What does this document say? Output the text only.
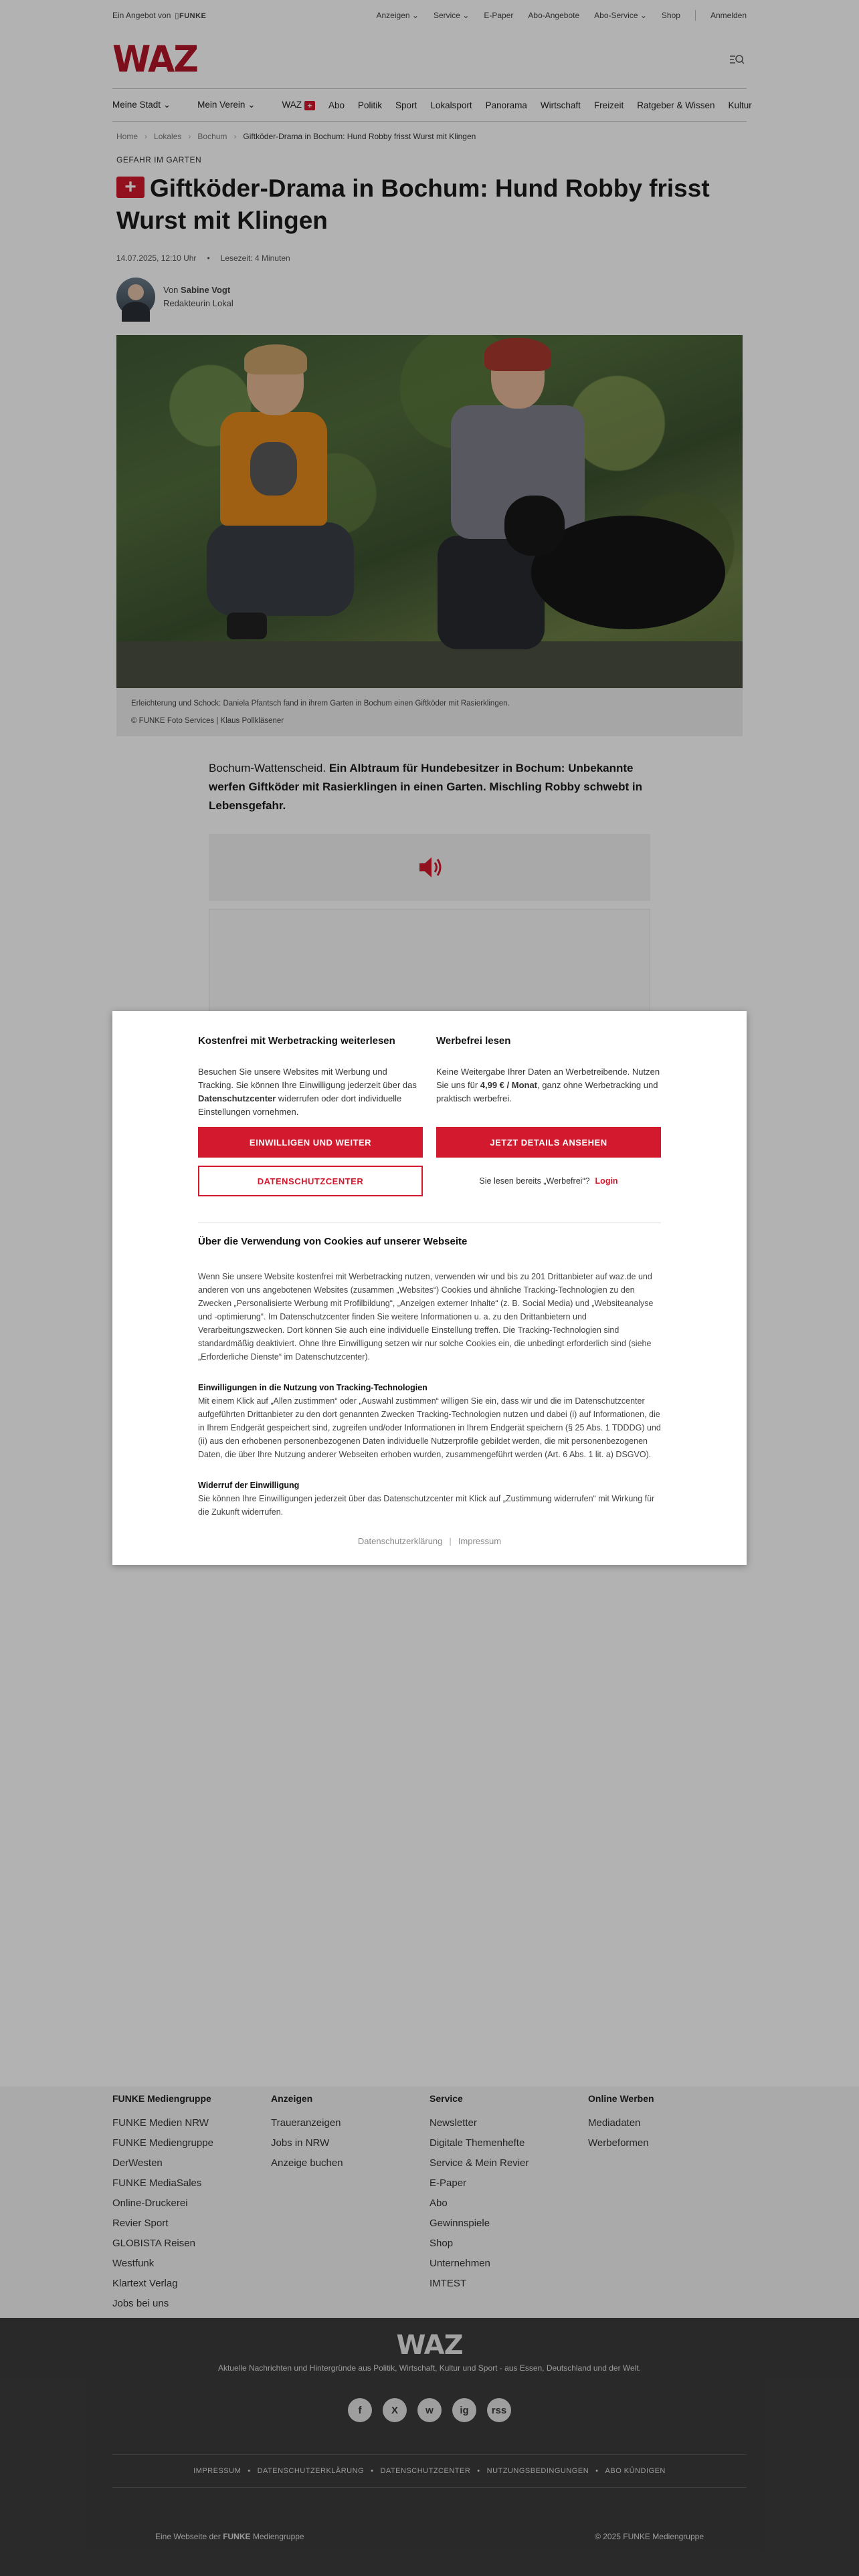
Ein Angebot von ▯FUNKE	Anzeigen ⌄ Service ⌄ E-Paper Abo-Angebote Abo-Service ⌄ Shop	Anmelden
WAZ
Meine Stadt ⌄	Mein Verein ⌄	WAZ +	Abo Politik Sport Lokalsport Panorama Wirtschaft Freizeit Ratgeber & Wissen Kultur
Home › Lokales › Bochum › Giftköder-Drama in Bochum: Hund Robby frisst Wurst mit Klingen
GEFAHR IM GARTEN
+ Giftköder-Drama in Bochum: Hund Robby frisst Wurst mit Klingen
14.07.2025, 12:10 Uhr • Lesezeit: 4 Minuten
Von Sabine Vogt
Redakteurin Lokal
Erleichterung und Schock: Daniela Pfantsch fand in ihrem Garten in Bochum einen Giftköder mit Rasierklingen.
© FUNKE Foto Services | Klaus Pollkläsener

Bochum-Wattenscheid. Ein Albtraum für Hundebesitzer in Bochum: Unbekannte werfen Giftköder mit Rasierklingen in einen Garten. Mischling Robby schwebt in Lebensgefahr.

FUNKE Mediengruppe
FUNKE Medien NRW
FUNKE Mediengruppe
DerWesten
FUNKE MediaSales
Online-Druckerei
Revier Sport
GLOBISTA Reisen
Westfunk
Klartext Verlag
Jobs bei uns
Anzeigen
Traueranzeigen
Jobs in NRW
Anzeige buchen
Service
Newsletter
Digitale Themenhefte
Service & Mein Revier
E-Paper
Abo
Gewinnspiele
Shop
Unternehmen
IMTEST
Online Werben
Mediadaten
Werbeformen
WAZ
Aktuelle Nachrichten und Hintergründe aus Politik, Wirtschaft, Kultur und Sport - aus Essen, Deutschland und der Welt.
f	X	w	ig	rss
IMPRESSUM • DATENSCHUTZERKLÄRUNG • DATENSCHUTZCENTER • NUTZUNGSBEDINGUNGEN • ABO KÜNDIGEN
Eine Webseite der FUNKE Mediengruppe	© 2025 FUNKE Mediengruppe
Kostenfrei mit Werbetracking weiterlesen

Besuchen Sie unsere Websites mit Werbung und Tracking. Sie können Ihre Einwilligung jederzeit über das Datenschutzcenter widerrufen oder dort individuelle Einstellungen vornehmen.

EINWILLIGEN UND WEITER
DATENSCHUTZCENTER
Werbefrei lesen

Keine Weitergabe Ihrer Daten an Werbetreibende. Nutzen Sie uns für 4,99 € / Monat, ganz ohne Werbetracking und praktisch werbefrei.

JETZT DETAILS ANSEHEN
Sie lesen bereits „Werbefrei“? Login
Über die Verwendung von Cookies auf unserer Webseite

Wenn Sie unsere Website kostenfrei mit Werbetracking nutzen, verwenden wir und bis zu 201 Drittanbieter auf waz.de und anderen von uns angebotenen Websites (zusammen „Websites“) Cookies und ähnliche Tracking-Technologien zu den Zwecken „Personalisierte Werbung mit Profilbildung“, „Anzeigen externer Inhalte“ (z. B. Social Media) und „Websiteanalyse und -optimierung“. Im Datenschutzcenter finden Sie weitere Informationen u. a. zu den Drittanbietern und Verarbeitungszwecken. Dort können Sie auch eine individuelle Einstellung treffen. Die Tracking-Technologien sind standardmäßig deaktiviert. Ohne Ihre Einwilligung setzen wir nur solche Cookies ein, die unbedingt erforderlich sind (siehe „Erforderliche Dienste“ im Datenschutzcenter).

Einwilligungen in die Nutzung von Tracking-Technologien
Mit einem Klick auf „Allen zustimmen“ oder „Auswahl zustimmen“ willigen Sie ein, dass wir und die im Datenschutzcenter aufgeführten Drittanbieter zu den dort genannten Zwecken Tracking-Technologien nutzen und dabei (i) auf Informationen, die in Ihrem Endgerät gespeichert sind, zugreifen und/oder Informationen in Ihrem Endgerät speichern (§ 25 Abs. 1 TDDDG) und (ii) aus den erhobenen personenbezogenen Daten individuelle Nutzerprofile gebildet werden, die mit personenbezogenen Daten, die über Ihre Nutzung anderer Webseiten erhoben wurden, zusammengeführt werden (Art. 6 Abs. 1 lit. a) DSGVO).

Widerruf der Einwilligung
Sie können Ihre Einwilligungen jederzeit über das Datenschutzcenter mit Klick auf „Zustimmung widerrufen“ mit Wirkung für die Zukunft widerrufen.

Datenschutzerklärung | Impressum
